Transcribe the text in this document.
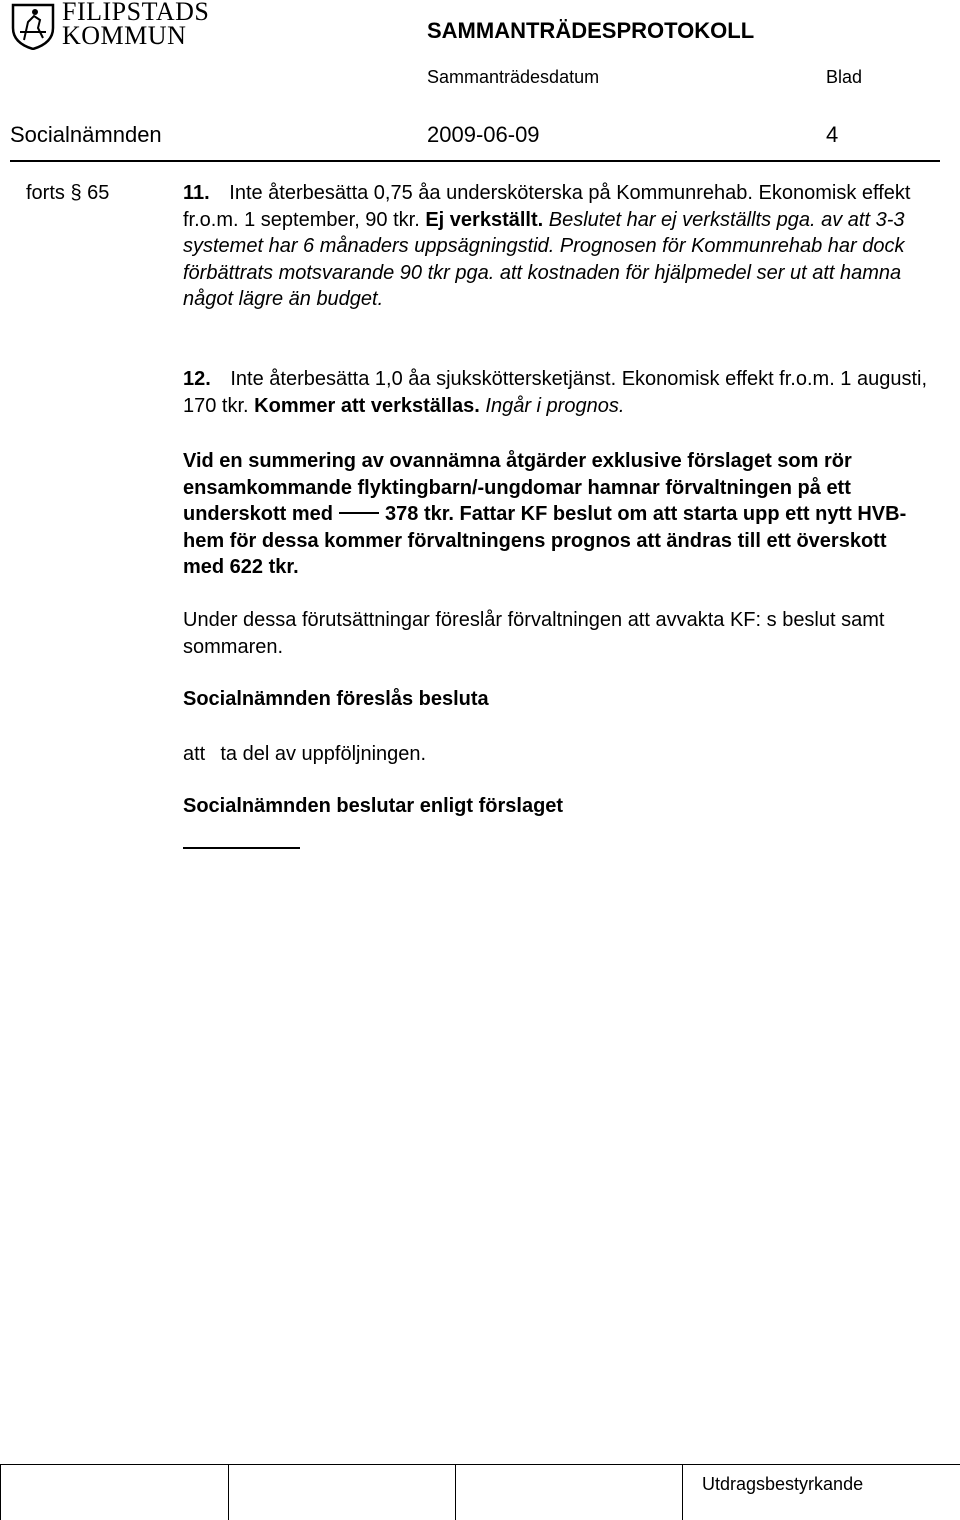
FILIPSTADS
KOMMUN	SAMMANTRÄDESPROTOKOLL
Sammanträdesdatum	Blad
Socialnämnden	2009-06-09	4
forts § 65	11. Inte återbesätta 0,75 åa undersköterska på Kommunrehab. Ekonomisk effekt fr.o.m. 1 september, 90 tkr. Ej verkställt. Beslutet har ej verkställts pga. av att 3-3 systemet har 6 månaders uppsägningstid. Prognosen för Kommunrehab har dock förbättrats motsvarande 90 tkr pga. att kostnaden för hjälpmedel ser ut att hamna något lägre än budget.
12. Inte återbesätta 1,0 åa sjuksköttersketjänst. Ekonomisk effekt fr.o.m. 1 augusti, 170 tkr. Kommer att verkställas. Ingår i prognos.
Vid en summering av ovannämna åtgärder exklusive förslaget som rör ensamkommande flyktingbarn/-ungdomar hamnar förvaltningen på ett underskott med	378 tkr. Fattar KF beslut om att starta upp ett nytt HVB-hem för dessa kommer förvaltningens prognos att ändras till ett överskott med 622 tkr.
Under dessa förutsättningar föreslår förvaltningen att avvakta KF: s beslut samt sommaren.
Socialnämnden föreslås besluta
att ta del av uppföljningen.
Socialnämnden beslutar enligt förslaget
Utdragsbestyrkande
